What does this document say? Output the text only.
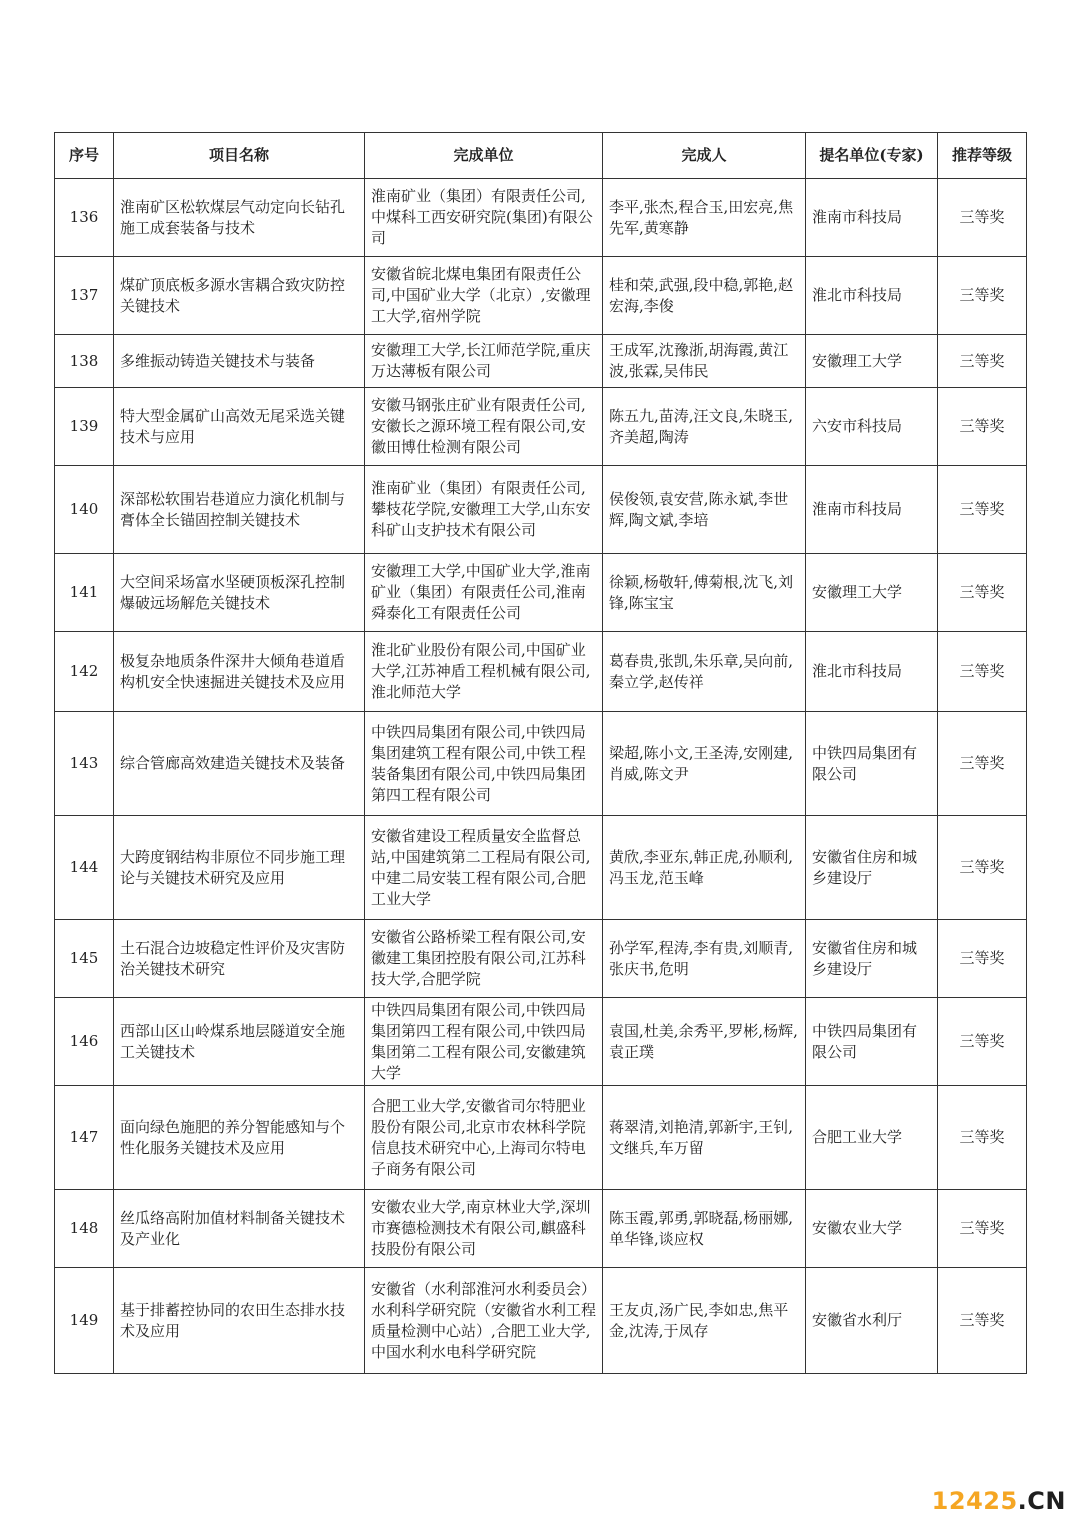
序号	项目名称	完成单位	完成人	提名单位(专家)	推荐等级
136	淮南矿区松软煤层气动定向长钻孔施工成套装备与技术	淮南矿业（集团）有限责任公司,中煤科工西安研究院(集团)有限公司	李平,张杰,程合玉,田宏亮,焦先军,黄寒静	淮南市科技局	三等奖
137	煤矿顶底板多源水害耦合致灾防控关键技术	安徽省皖北煤电集团有限责任公司,中国矿业大学（北京）,安徽理工大学,宿州学院	桂和荣,武强,段中稳,郭艳,赵宏海,李俊	淮北市科技局	三等奖
138	多维振动铸造关键技术与装备	安徽理工大学,长江师范学院,重庆万达薄板有限公司	王成军,沈豫浙,胡海霞,黄江波,张霖,吴伟民	安徽理工大学	三等奖
139	特大型金属矿山高效无尾采选关键技术与应用	安徽马钢张庄矿业有限责任公司,安徽长之源环境工程有限公司,安徽田博仕检测有限公司	陈五九,苗涛,汪文良,朱晓玉,齐美超,陶涛	六安市科技局	三等奖
140	深部松软围岩巷道应力演化机制与膏体全长锚固控制关键技术	淮南矿业（集团）有限责任公司,攀枝花学院,安徽理工大学,山东安科矿山支护技术有限公司	侯俊领,袁安营,陈永斌,李世辉,陶文斌,李培	淮南市科技局	三等奖
141	大空间采场富水坚硬顶板深孔控制爆破远场解危关键技术	安徽理工大学,中国矿业大学,淮南矿业（集团）有限责任公司,淮南舜泰化工有限责任公司	徐颖,杨敬轩,傅菊根,沈飞,刘锋,陈宝宝	安徽理工大学	三等奖
142	极复杂地质条件深井大倾角巷道盾构机安全快速掘进关键技术及应用	淮北矿业股份有限公司,中国矿业大学,江苏神盾工程机械有限公司,淮北师范大学	葛春贵,张凯,朱乐章,吴向前,秦立学,赵传祥	淮北市科技局	三等奖
143	综合管廊高效建造关键技术及装备	中铁四局集团有限公司,中铁四局集团建筑工程有限公司,中铁工程装备集团有限公司,中铁四局集团第四工程有限公司	梁超,陈小文,王圣涛,安刚建,肖威,陈文尹	中铁四局集团有限公司	三等奖
144	大跨度钢结构非原位不同步施工理论与关键技术研究及应用	安徽省建设工程质量安全监督总站,中国建筑第二工程局有限公司,中建二局安装工程有限公司,合肥工业大学	黄欣,李亚东,韩正虎,孙顺利,冯玉龙,范玉峰	安徽省住房和城乡建设厅	三等奖
145	土石混合边坡稳定性评价及灾害防治关键技术研究	安徽省公路桥梁工程有限公司,安徽建工集团控股有限公司,江苏科技大学,合肥学院	孙学军,程涛,李有贵,刘顺青,张庆书,危明	安徽省住房和城乡建设厅	三等奖
146	西部山区山岭煤系地层隧道安全施工关键技术	中铁四局集团有限公司,中铁四局集团第四工程有限公司,中铁四局集团第二工程有限公司,安徽建筑大学	袁国,杜美,余秀平,罗彬,杨辉,袁正璞	中铁四局集团有限公司	三等奖
147	面向绿色施肥的养分智能感知与个性化服务关键技术及应用	合肥工业大学,安徽省司尔特肥业股份有限公司,北京市农林科学院信息技术研究中心,上海司尔特电子商务有限公司	蒋翠清,刘艳清,郭新宇,王钊,文继兵,车万留	合肥工业大学	三等奖
148	丝瓜络高附加值材料制备关键技术及产业化	安徽农业大学,南京林业大学,深圳市赛德检测技术有限公司,麒盛科技股份有限公司	陈玉霞,郭勇,郭晓磊,杨丽娜,单华锋,谈应权	安徽农业大学	三等奖
149	基于排蓄控协同的农田生态排水技术及应用	安徽省（水利部淮河水利委员会）水利科学研究院（安徽省水利工程质量检测中心站）,合肥工业大学,中国水利水电科学研究院	王友贞,汤广民,李如忠,焦平金,沈涛,于凤存	安徽省水利厅	三等奖
12425.CN
